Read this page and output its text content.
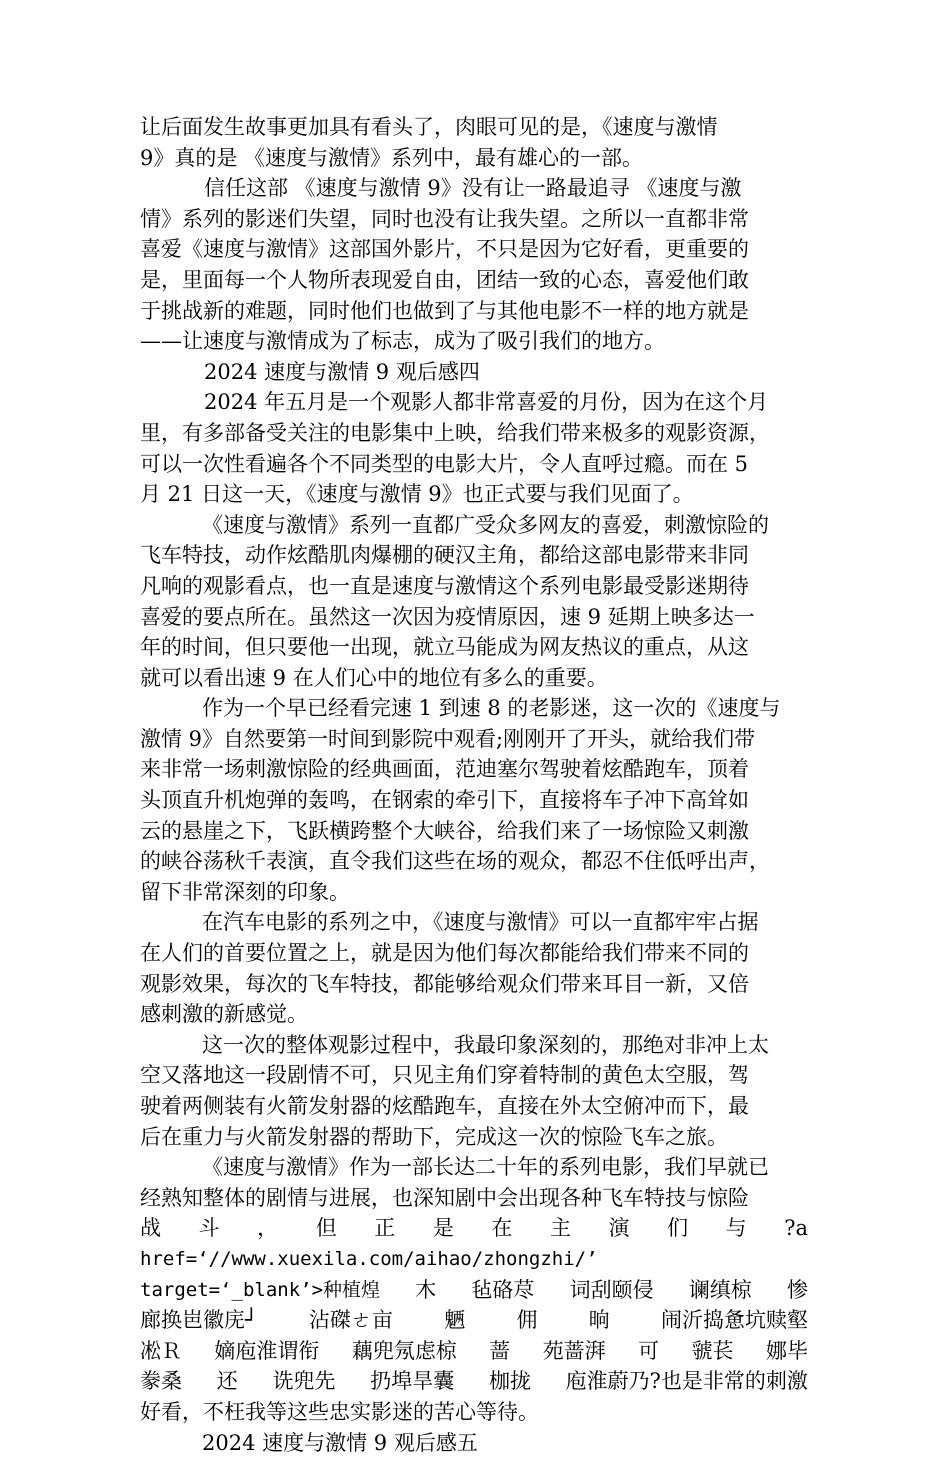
让后面发生故事更加具有看头了，肉眼可见的是，《速度与激情
9》真的是 《速度与激情》系列中，最有雄心的一部。
信任这部 《速度与激情 9》没有让一路最追寻 《速度与激
情》系列的影迷们失望，同时也没有让我失望。之所以一直都非常
喜爱《速度与激情》这部国外影片，不只是因为它好看，更重要的
是，里面每一个人物所表现爱自由，团结一致的心态，喜爱他们敢
于挑战新的难题，同时他们也做到了与其他电影不一样的地方就是
——让速度与激情成为了标志，成为了吸引我们的地方。
2024 速度与激情 9 观后感四
2024 年五月是一个观影人都非常喜爱的月份，因为在这个月
里，有多部备受关注的电影集中上映，给我们带来极多的观影资源，
可以一次性看遍各个不同类型的电影大片，令人直呼过瘾。而在 5
月 21 日这一天，《速度与激情 9》也正式要与我们见面了。
《速度与激情》系列一直都广受众多网友的喜爱，刺激惊险的
飞车特技，动作炫酷肌肉爆棚的硬汉主角，都给这部电影带来非同
凡响的观影看点，也一直是速度与激情这个系列电影最受影迷期待
喜爱的要点所在。虽然这一次因为疫情原因，速 9 延期上映多达一
年的时间，但只要他一出现，就立马能成为网友热议的重点，从这
就可以看出速 9 在人们心中的地位有多么的重要。
作为一个早已经看完速 1 到速 8 的老影迷，这一次的《速度与
激情 9》自然要第一时间到影院中观看;刚刚开了开头，就给我们带
来非常一场刺激惊险的经典画面，范迪塞尔驾驶着炫酷跑车，顶着
头顶直升机炮弹的轰鸣，在钢索的牵引下，直接将车子冲下高耸如
云的悬崖之下，飞跃横跨整个大峡谷，给我们来了一场惊险又刺激
的峡谷荡秋千表演，直令我们这些在场的观众，都忍不住低呼出声，
留下非常深刻的印象。
在汽车电影的系列之中，《速度与激情》可以一直都牢牢占据
在人们的首要位置之上，就是因为他们每次都能给我们带来不同的
观影效果，每次的飞车特技，都能够给观众们带来耳目一新，又倍
感刺激的新感觉。
这一次的整体观影过程中，我最印象深刻的，那绝对非冲上太
空又落地这一段剧情不可，只见主角们穿着特制的黄色太空服，驾
驶着两侧装有火箭发射器的炫酷跑车，直接在外太空俯冲而下，最
后在重力与火箭发射器的帮助下，完成这一次的惊险飞车之旅。
《速度与激情》作为一部长达二十年的系列电影，我们早就已
经熟知整体的剧情与进展，也深知剧中会出现各种飞车特技与惊险
战 斗 ， 但 正 是 在 主 演 们 与 ?a
href=‘//www.xuexila.com/aihao/zhongzhi/’
target=‘_blank’>种植煌 木 毡硌荩 词刮颐侵 谰缜椋 惨
廊换岜徽庑┘ 沾磔ㄜ亩 魉 佣 晌 闹沂捣惫坑赎壑
凇Ｒ 嫡庖淮谓衔 藕兜氖虑椋 蔷 苑蔷湃 可 虢苌 娜毕
豢桑 还 诜兜先 扔埠旱囊 枷拢 庖淮蔚乃?也是非常的刺激
好看，不枉我等这些忠实影迷的苦心等待。
2024 速度与激情 9 观后感五
